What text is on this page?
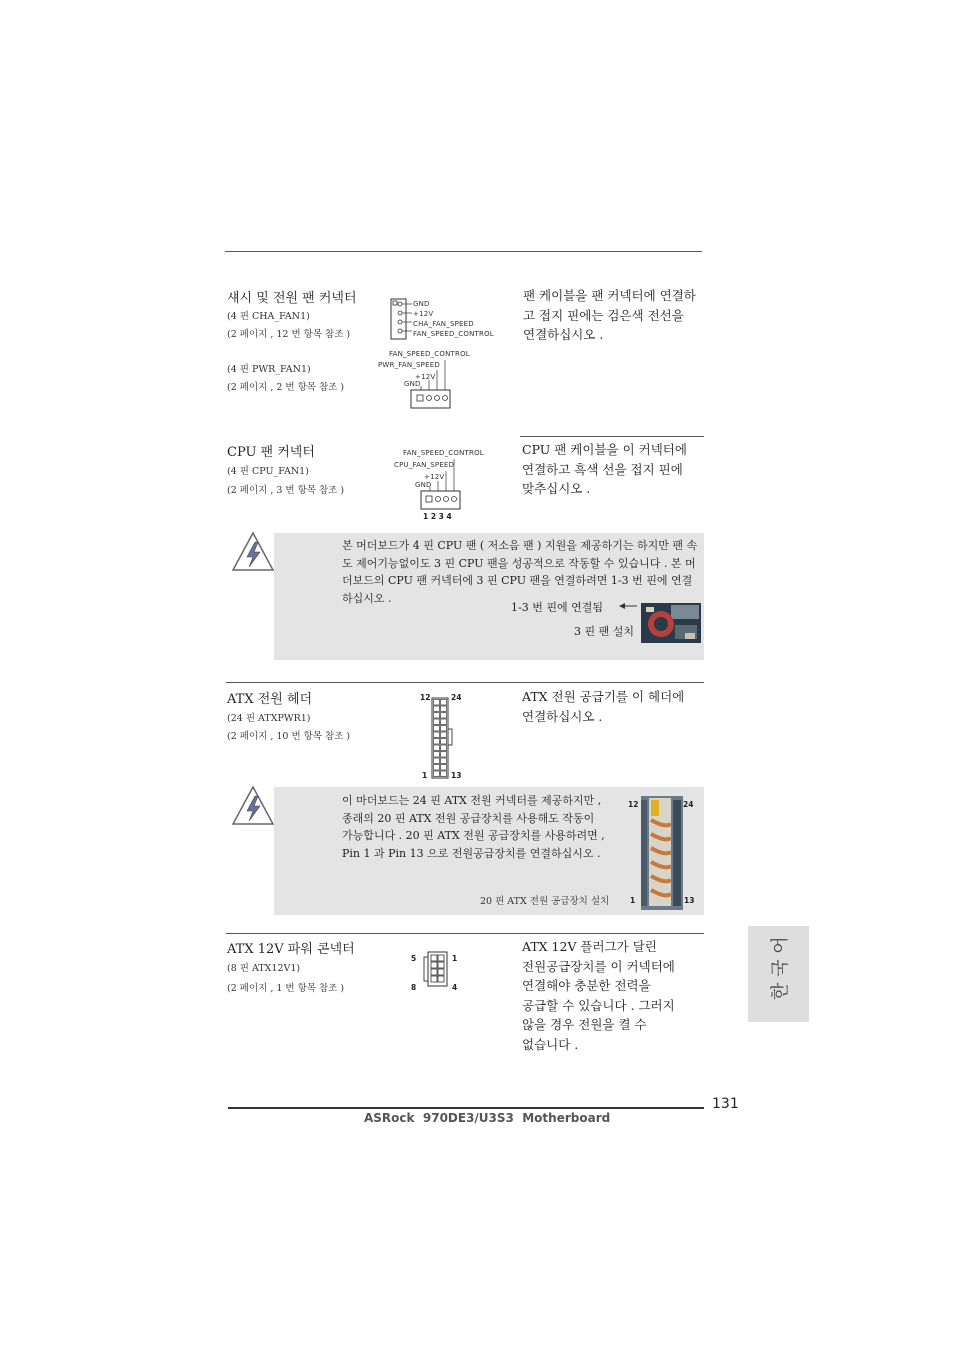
섀시 및 전원 팬 커넥터
(4 핀 CHA_FAN1)
(2 페이지 , 12 번 항목 참조 )
(4 핀 PWR_FAN1)
(2 페이지 , 2 번 항목 참조 )
팬 케이블을 팬 커넥터에 연결하
고 접지 핀에는 검은색 전선을
연결하십시오 .
GND
+12V
CHA_FAN_SPEED
FAN_SPEED_CONTROL
FAN_SPEED_CONTROL
PWR_FAN_SPEED
+12V
GND
CPU 팬 커넥터
(4 핀 CPU_FAN1)
(2 페이지 , 3 번 항목 참조 )
CPU 팬 케이블을 이 커넥터에
연결하고 흑색 선을 접지 핀에
맞추십시오 .
FAN_SPEED_CONTROL
CPU_FAN_SPEED
+12V
GND
1 2 3 4
본 머더보드가 4 핀 CPU 팬 ( 저소음 팬 ) 지원을 제공하기는 하지만 팬 속
도 제어기능없이도 3 핀 CPU 팬을 성공적으로 작동할 수 있습니다 . 본 머
더보드의 CPU 팬 커넥터에 3 핀 CPU 팬을 연결하려면 1-3 번 핀에 연결
하십시오 .
1-3 번 핀에 연결됨
3 핀 팬 설치
ATX 전원 헤더
(24 핀 ATXPWR1)
(2 페이지 , 10 번 항목 참조 )
ATX 전원 공급기를 이 헤더에
연결하십시오 .
12	24
1	13
이 마더보드는 24 핀 ATX 전원 커넥터를 제공하지만 ,
종래의 20 핀 ATX 전원 공급장치를 사용해도 작동이
가능합니다 . 20 핀 ATX 전원 공급장치를 사용하려면 ,
Pin 1 과 Pin 13 으로 전원공급장치를 연결하십시오 .
20 핀 ATX 전원 공급장치 설치
12	24
1	13
ATX 12V 파워 콘넥터
(8 핀 ATX12V1)
(2 페이지 , 1 번 항목 참조 )
ATX 12V 플러그가 달린
전원공급장치를 이 커넥터에
연결해야 충분한 전력을
공급할 수 있습니다 . 그러지
않을 경우 전원을 켤 수
없습니다 .
5	1
8	4	한 국 어
131
ASRock  970DE3/U3S3  Motherboard
